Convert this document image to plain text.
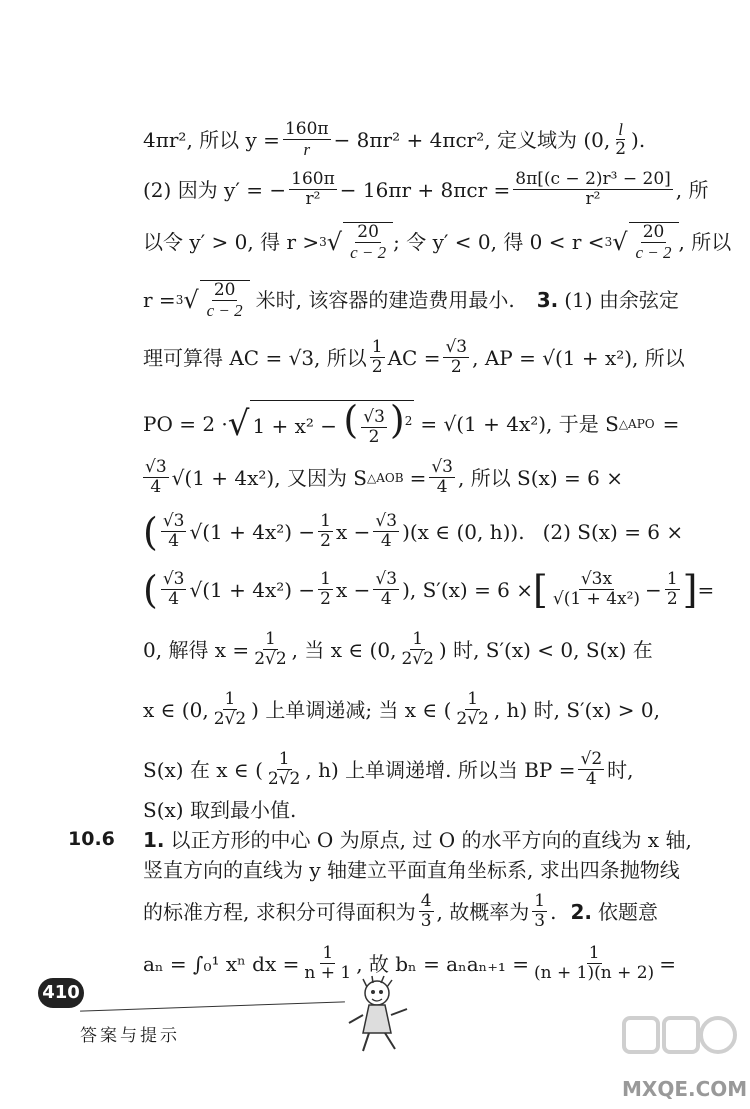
4πr², 所以 $y = \frac{160\pi}{r} - 8\pi r^2 + 4\pi cr^2$, 定义域为 (0, $\frac{l}{2}$ ).
(2) 因为 y′ = − $\frac{160\pi}{\text{r²}} - 16\pi r + 8\pi cr = \frac{\text{8π[(c − 2)r³ − 20]}}{\text{r²}}$ , 所
以令 y′ > 0, 得 r > 3 √ $\frac{20}{c - 2}$ ; 令 y′ < 0, 得 0 < r < 3 √ $\frac{20}{c - 2}$ , 所以
r = 3 √ $\frac{20}{c - 2}$ 米时, 该容器的建造费用最小. 3. (1) 由余弦定
理可算得 AC = √3, 所以 $\frac{1}{2}$ AC = $\frac{√3}{2}$ , AP = √(1 + x²), 所以
PO = 2 · √ 1 + x² − ( $\frac{√3}{2} )^2 = √(1 + 4x^2)$, 于是 S △APO =
$\frac{√3}{4} √(1 + 4x^2)$, 又因为 S △AOB = $\frac{√3}{4}$ , 所以 S(x) = 6 ×
( $\frac{√3}{4} √(1 + 4x^2) - \frac{1}{2}$ $x - \frac{√3}{4} )(x$ ∈ (0, h)). (2) S(x) = 6 ×
( $\frac{√3}{4} √(1 + 4x^2) - \frac{1}{2}$ $x - \frac{√3}{4}$ ), S′(x) = 6 × [ $\frac{√3x}{\text{√(1 + 4x²)}} - \frac{1}{2}$ ] =
0, 解得 $x = \frac{1}{2√2}$ , 当 x ∈ (0, $\frac{1}{2√2}$ ) 时, S′(x) < 0, S(x) 在
x ∈ (0, $\frac{1}{2√2}$ ) 上单调递减; 当 x ∈ ( $\frac{1}{2√2}$ , h) 时, S′(x) > 0,
S(x) 在 x ∈ ( $\frac{1}{2√2}$ , h) 上单调递增. 所以当 BP = $\frac{√2}{4}$ 时,
S(x) 取到最小值.
10.6 1. 以正方形的中心 O 为原点, 过 O 的水平方向的直线为 x 轴,
竖直方向的直线为 y 轴建立平面直角坐标系, 求出四条抛物线
的标准方程, 求积分可得面积为 $\frac{4}{3}$ , 故概率为 $\frac{1}{3}$ . 2. 依题意
aₙ = ∫₀¹ xⁿ dx = $\frac{1}{n + 1}$ , 故 $b_n = a_na_{n+1} = \frac{1}{(n + 1)(n + 2)}$ =
410
答案与提示
MXQE.COM
